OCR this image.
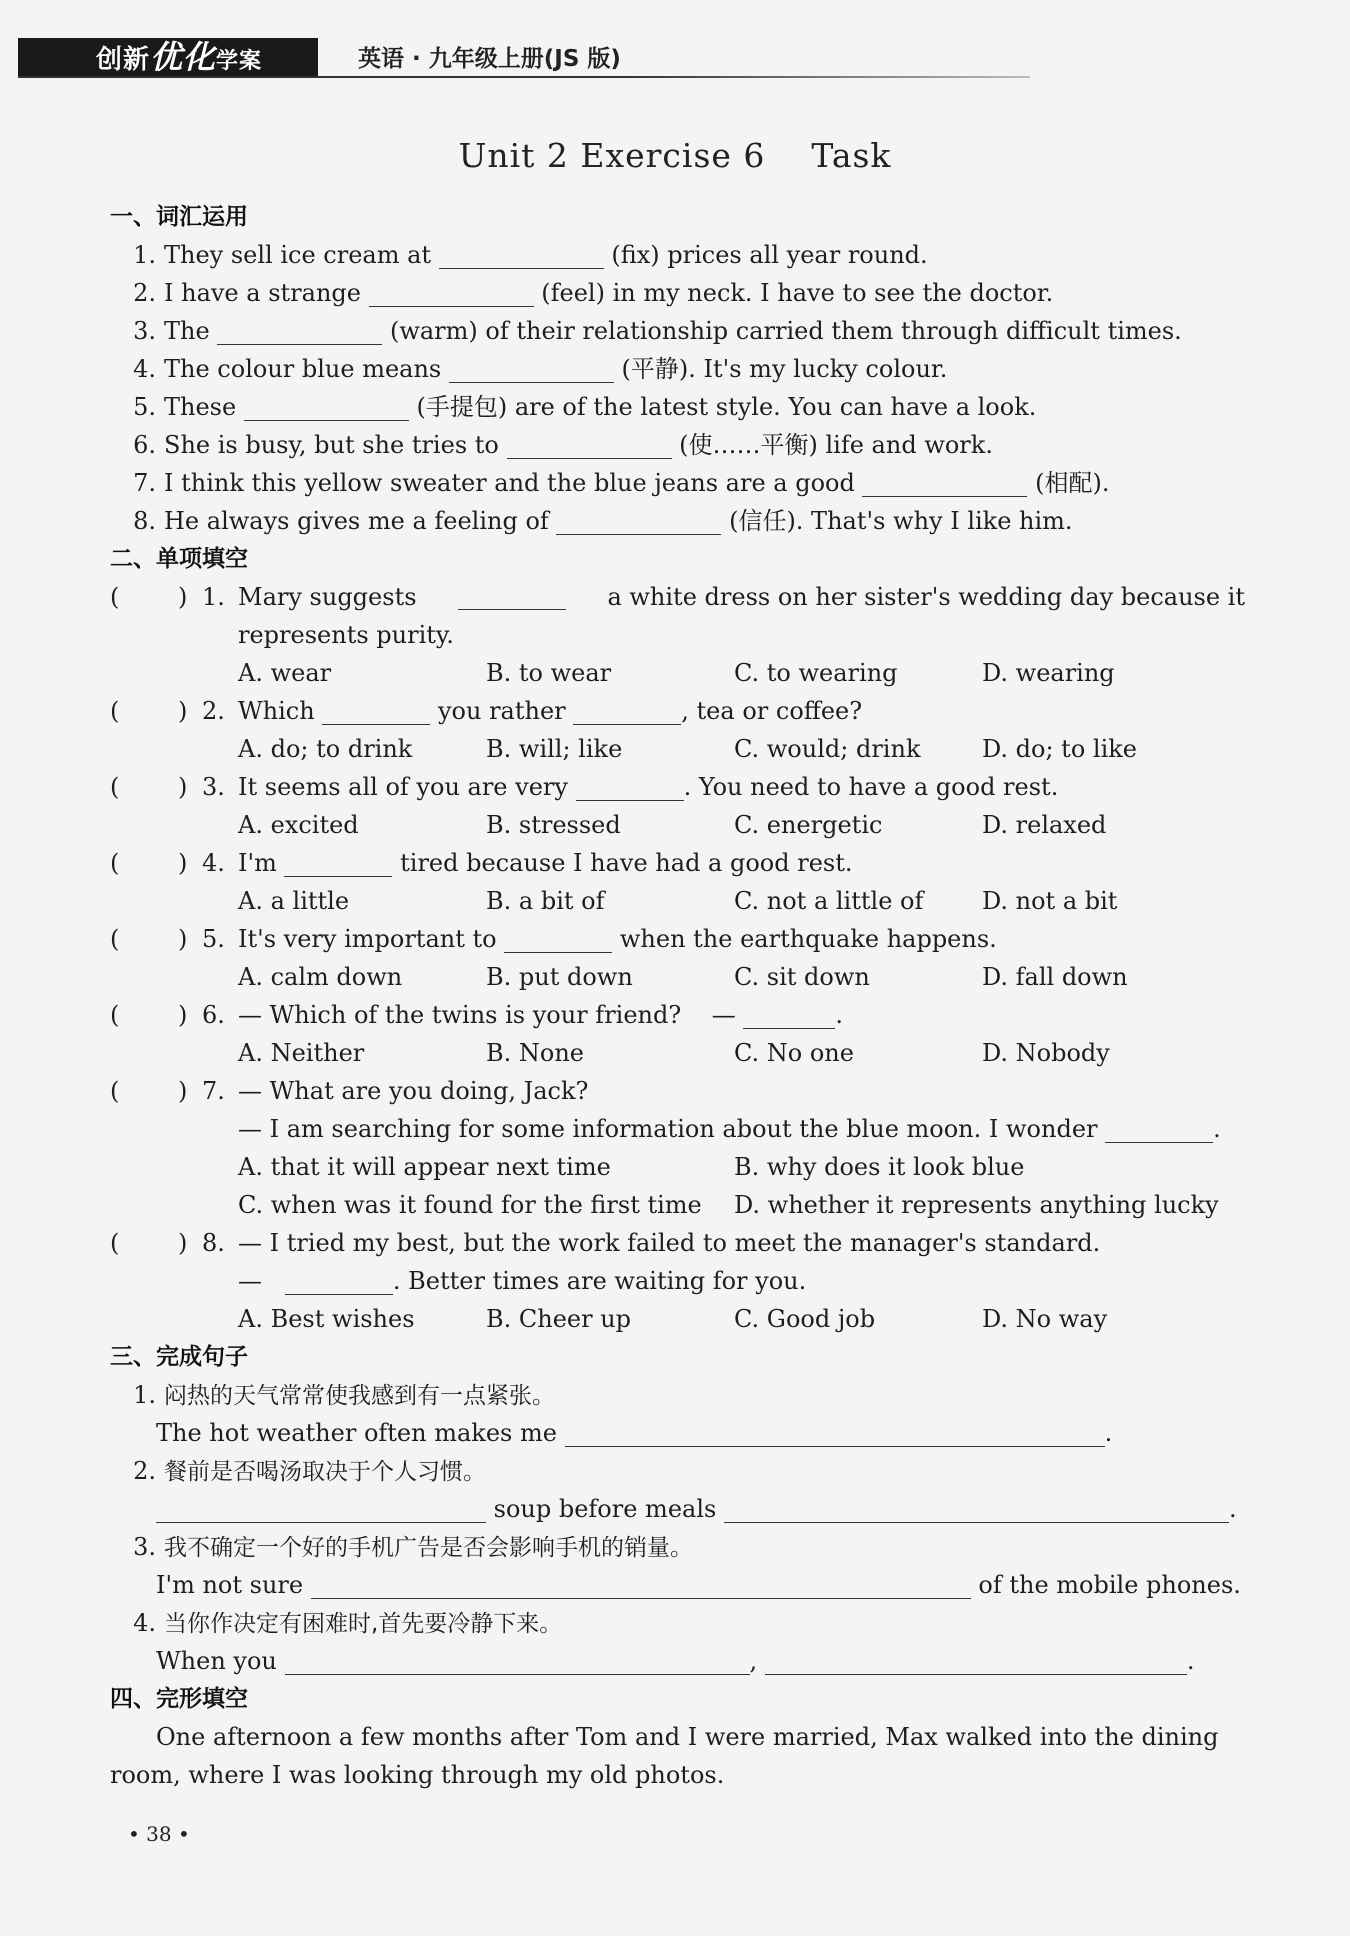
创新优化学案	英语 · 九年级上册(JS 版)
Unit 2 Exercise 6    Task
一、词汇运用
1. They sell ice cream at	(fix) prices all year round.
2. I have a strange	(feel) in my neck. I have to see the doctor.
3. The	(warm) of their relationship carried them through difficult times.
4. The colour blue means	(平静). It's my lucky colour.
5. These	(手提包) are of the latest style. You can have a look.
6. She is busy, but she tries to	(使……平衡) life and work.
7. I think this yellow sweater and the blue jeans are a good	(相配).
8. He always gives me a feeling of	(信任). That's why I like him.
二、单项填空
( ) 1. Mary suggests	a white dress on her sister's wedding day because it
represents purity.
A. wear	B. to wear	C. to wearing	D. wearing
( ) 2. Which	you rather	, tea or coffee?
A. do; to drink	B. will; like	C. would; drink	D. do; to like
( ) 3. It seems all of you are very	. You need to have a good rest.
A. excited	B. stressed	C. energetic	D. relaxed
( ) 4. I'm	tired because I have had a good rest.
A. a little	B. a bit of	C. not a little of D. not a bit
( ) 5. It's very important to	when the earthquake happens.
A. calm down	B. put down	C. sit down	D. fall down
( ) 6. — Which of the twins is your friend? —	.
A. Neither	B. None	C. No one	D. Nobody
( ) 7. — What are you doing, Jack?
— I am searching for some information about the blue moon. I wonder	.
A. that it will appear next time	B. why does it look blue
C. when was it found for the first time D. whether it represents anything lucky
( ) 8. — I tried my best, but the work failed to meet the manager's standard.
—	. Better times are waiting for you.
A. Best wishes	B. Cheer up	C. Good job	D. No way
三、完成句子
1. 闷热的天气常常使我感到有一点紧张。
The hot weather often makes me	.
2. 餐前是否喝汤取决于个人习惯。
soup before meals	.
3. 我不确定一个好的手机广告是否会影响手机的销量。
I'm not sure	of the mobile phones.
4. 当你作决定有困难时,首先要冷静下来。
When you	,	.
四、完形填空
One afternoon a few months after Tom and I were married, Max walked into the dining
room, where I was looking through my old photos.
• 38 •
